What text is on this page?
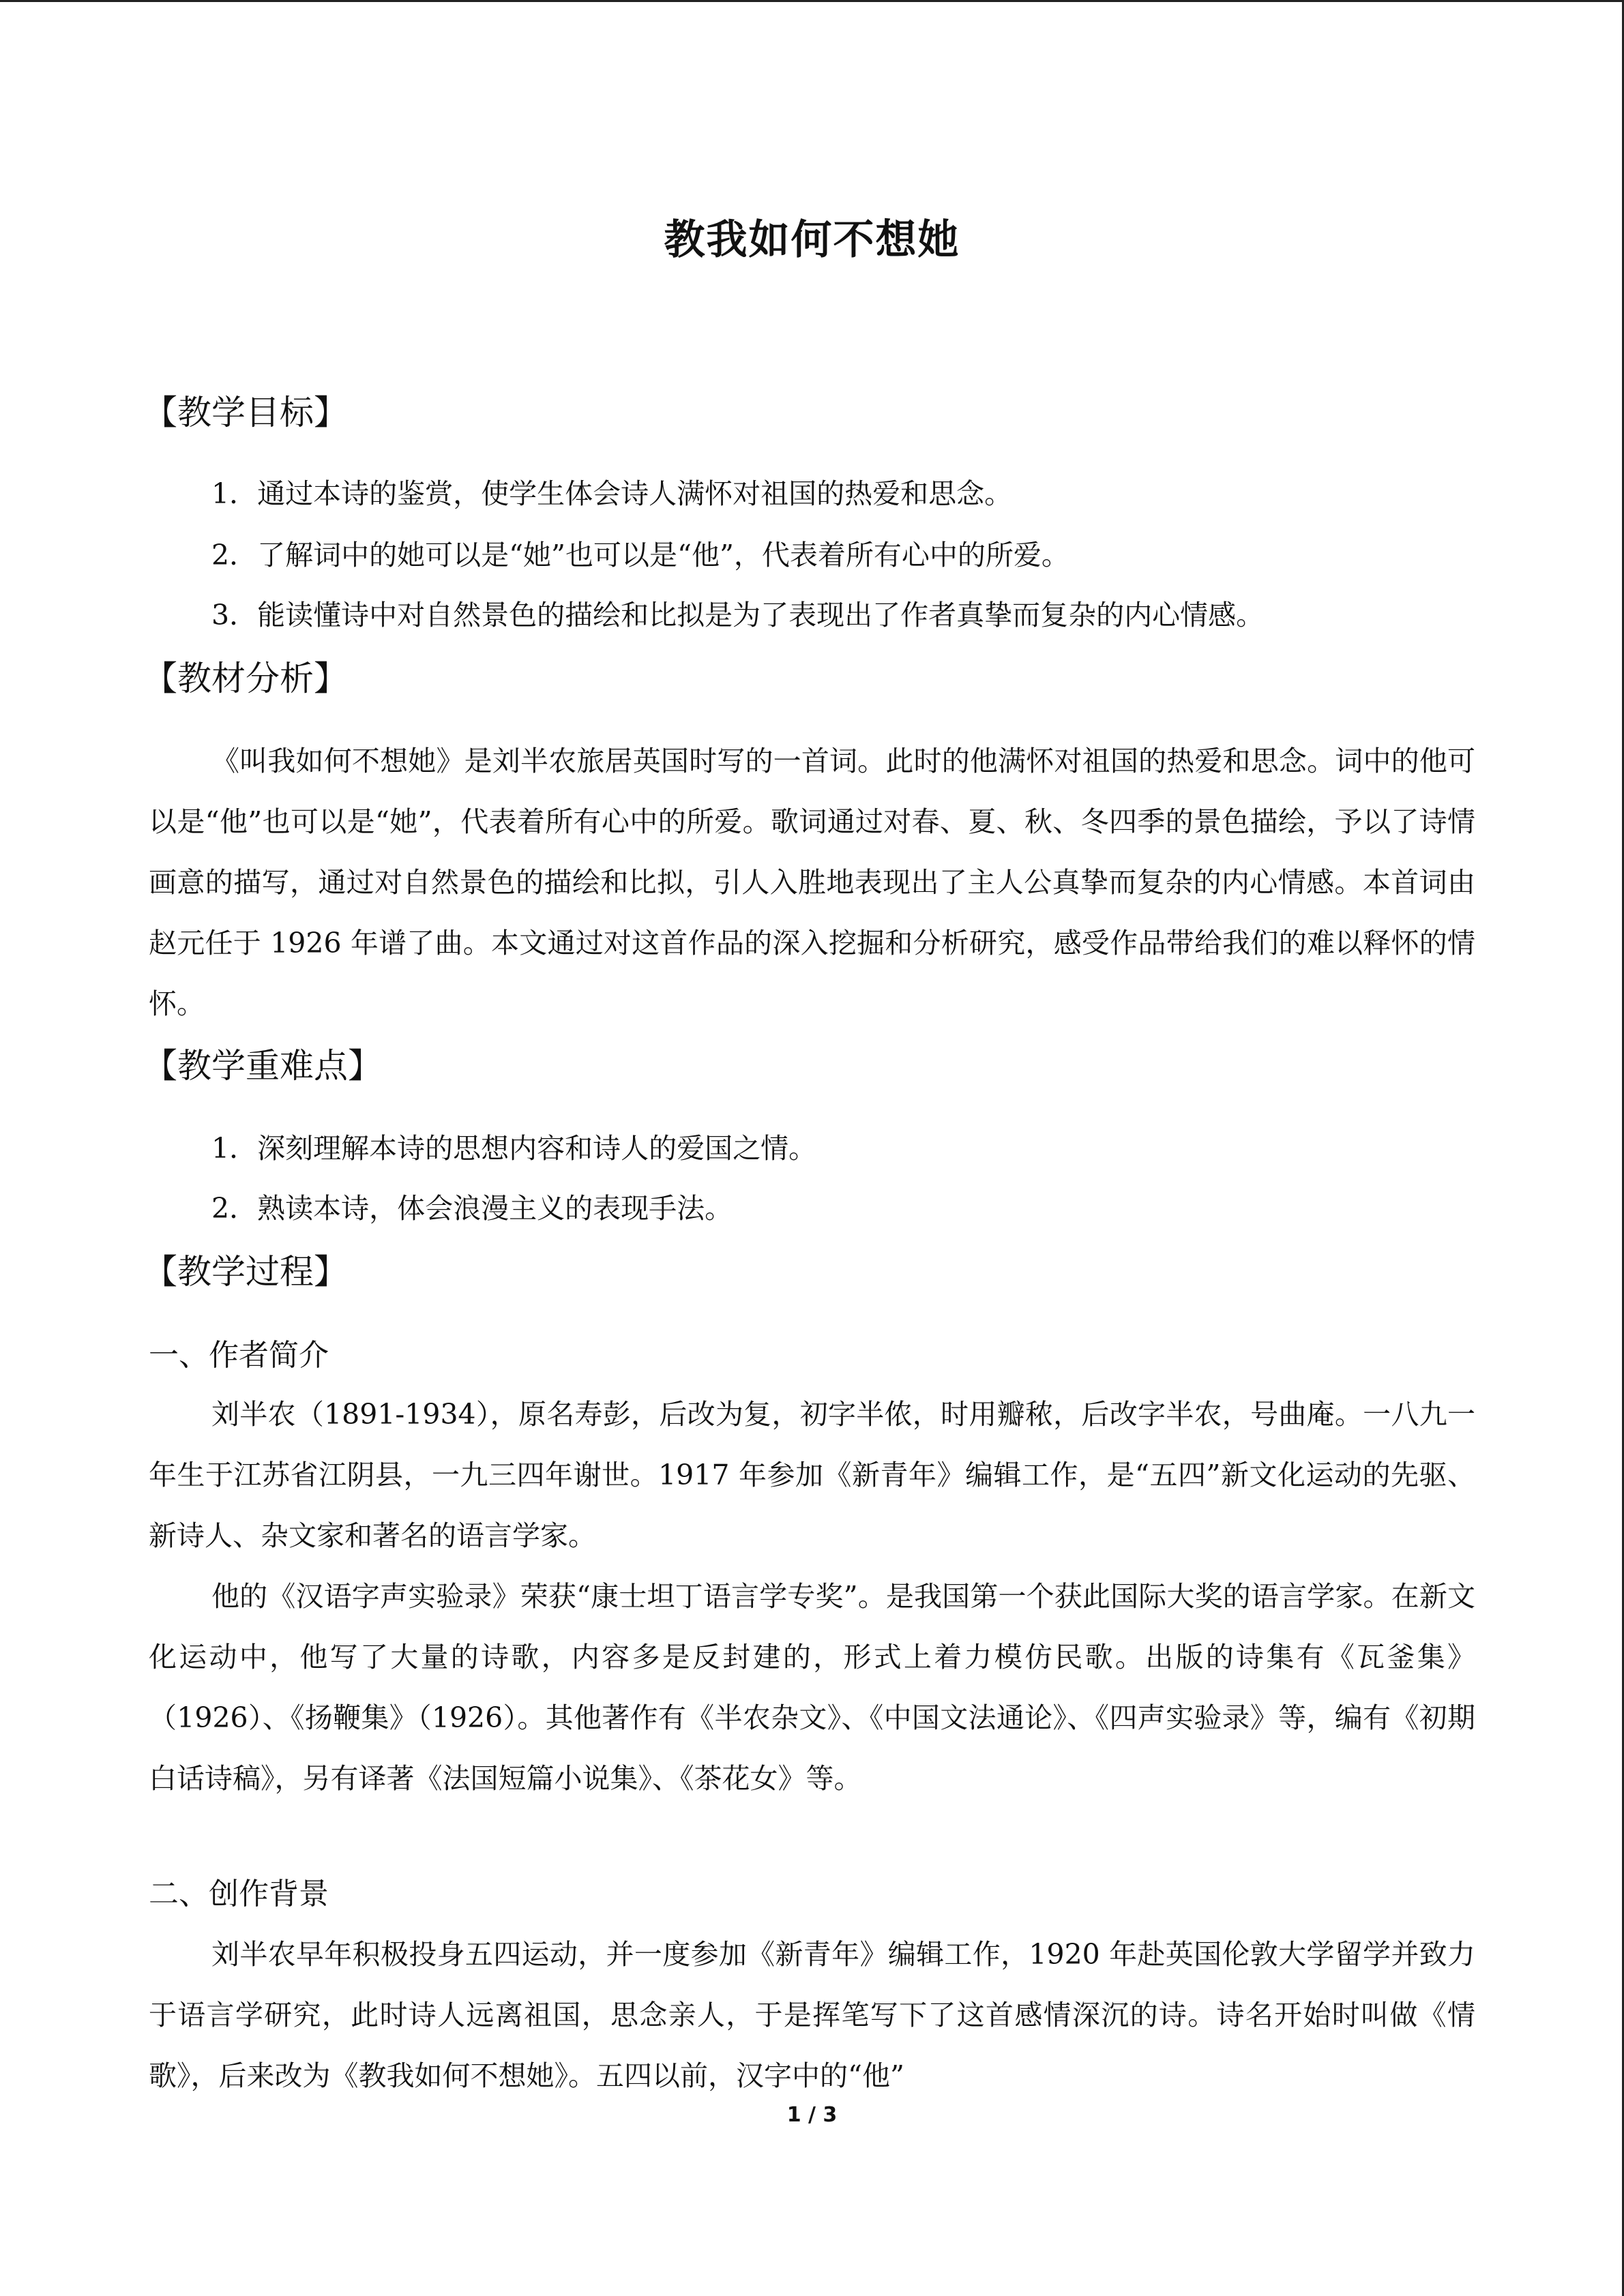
教我如何不想她
【教学目标】
1．通过本诗的鉴赏，使学生体会诗人满怀对祖国的热爱和思念。
2．了解词中的她可以是“她”也可以是“他”，代表着所有心中的所爱。
3．能读懂诗中对自然景色的描绘和比拟是为了表现出了作者真挚而复杂的内心情感。
【教材分析】

《叫我如何不想她》是刘半农旅居英国时写的一首词。此时的他满怀对祖国的热爱和思念。词中的他可以是“他”也可以是“她”，代表着所有心中的所爱。歌词通过对春、夏、秋、冬四季的景色描绘，予以了诗情画意的描写，通过对自然景色的描绘和比拟，引人入胜地表现出了主人公真挚而复杂的内心情感。本首词由赵元任于 1926 年谱了曲。本文通过对这首作品的深入挖掘和分析研究，感受作品带给我们的难以释怀的情怀。

【教学重难点】
1．深刻理解本诗的思想内容和诗人的爱国之情。
2．熟读本诗，体会浪漫主义的表现手法。
【教学过程】
一、作者简介

刘半农（1891-1934），原名寿彭，后改为复，初字半侬，时用瓣秾，后改字半农，号曲庵。一八九一年生于江苏省江阴县，一九三四年谢世。1917 年参加《新青年》编辑工作，是“五四”新文化运动的先驱、新诗人、杂文家和著名的语言学家。

他的《汉语字声实验录》荣获“康士坦丁语言学专奖”。是我国第一个获此国际大奖的语言学家。在新文化运动中，他写了大量的诗歌，内容多是反封建的，形式上着力模仿民歌。出版的诗集有《瓦釜集》（1926）、《扬鞭集》（1926）。其他著作有《半农杂文》、《中国文法通论》、《四声实验录》等，编有《初期白话诗稿》，另有译著《法国短篇小说集》、《茶花女》等。

二、创作背景

刘半农早年积极投身五四运动，并一度参加《新青年》编辑工作，1920 年赴英国伦敦大学留学并致力于语言学研究，此时诗人远离祖国，思念亲人，于是挥笔写下了这首感情深沉的诗。诗名开始时叫做《情歌》，后来改为《教我如何不想她》。五四以前，汉字中的“他”

1 / 3
